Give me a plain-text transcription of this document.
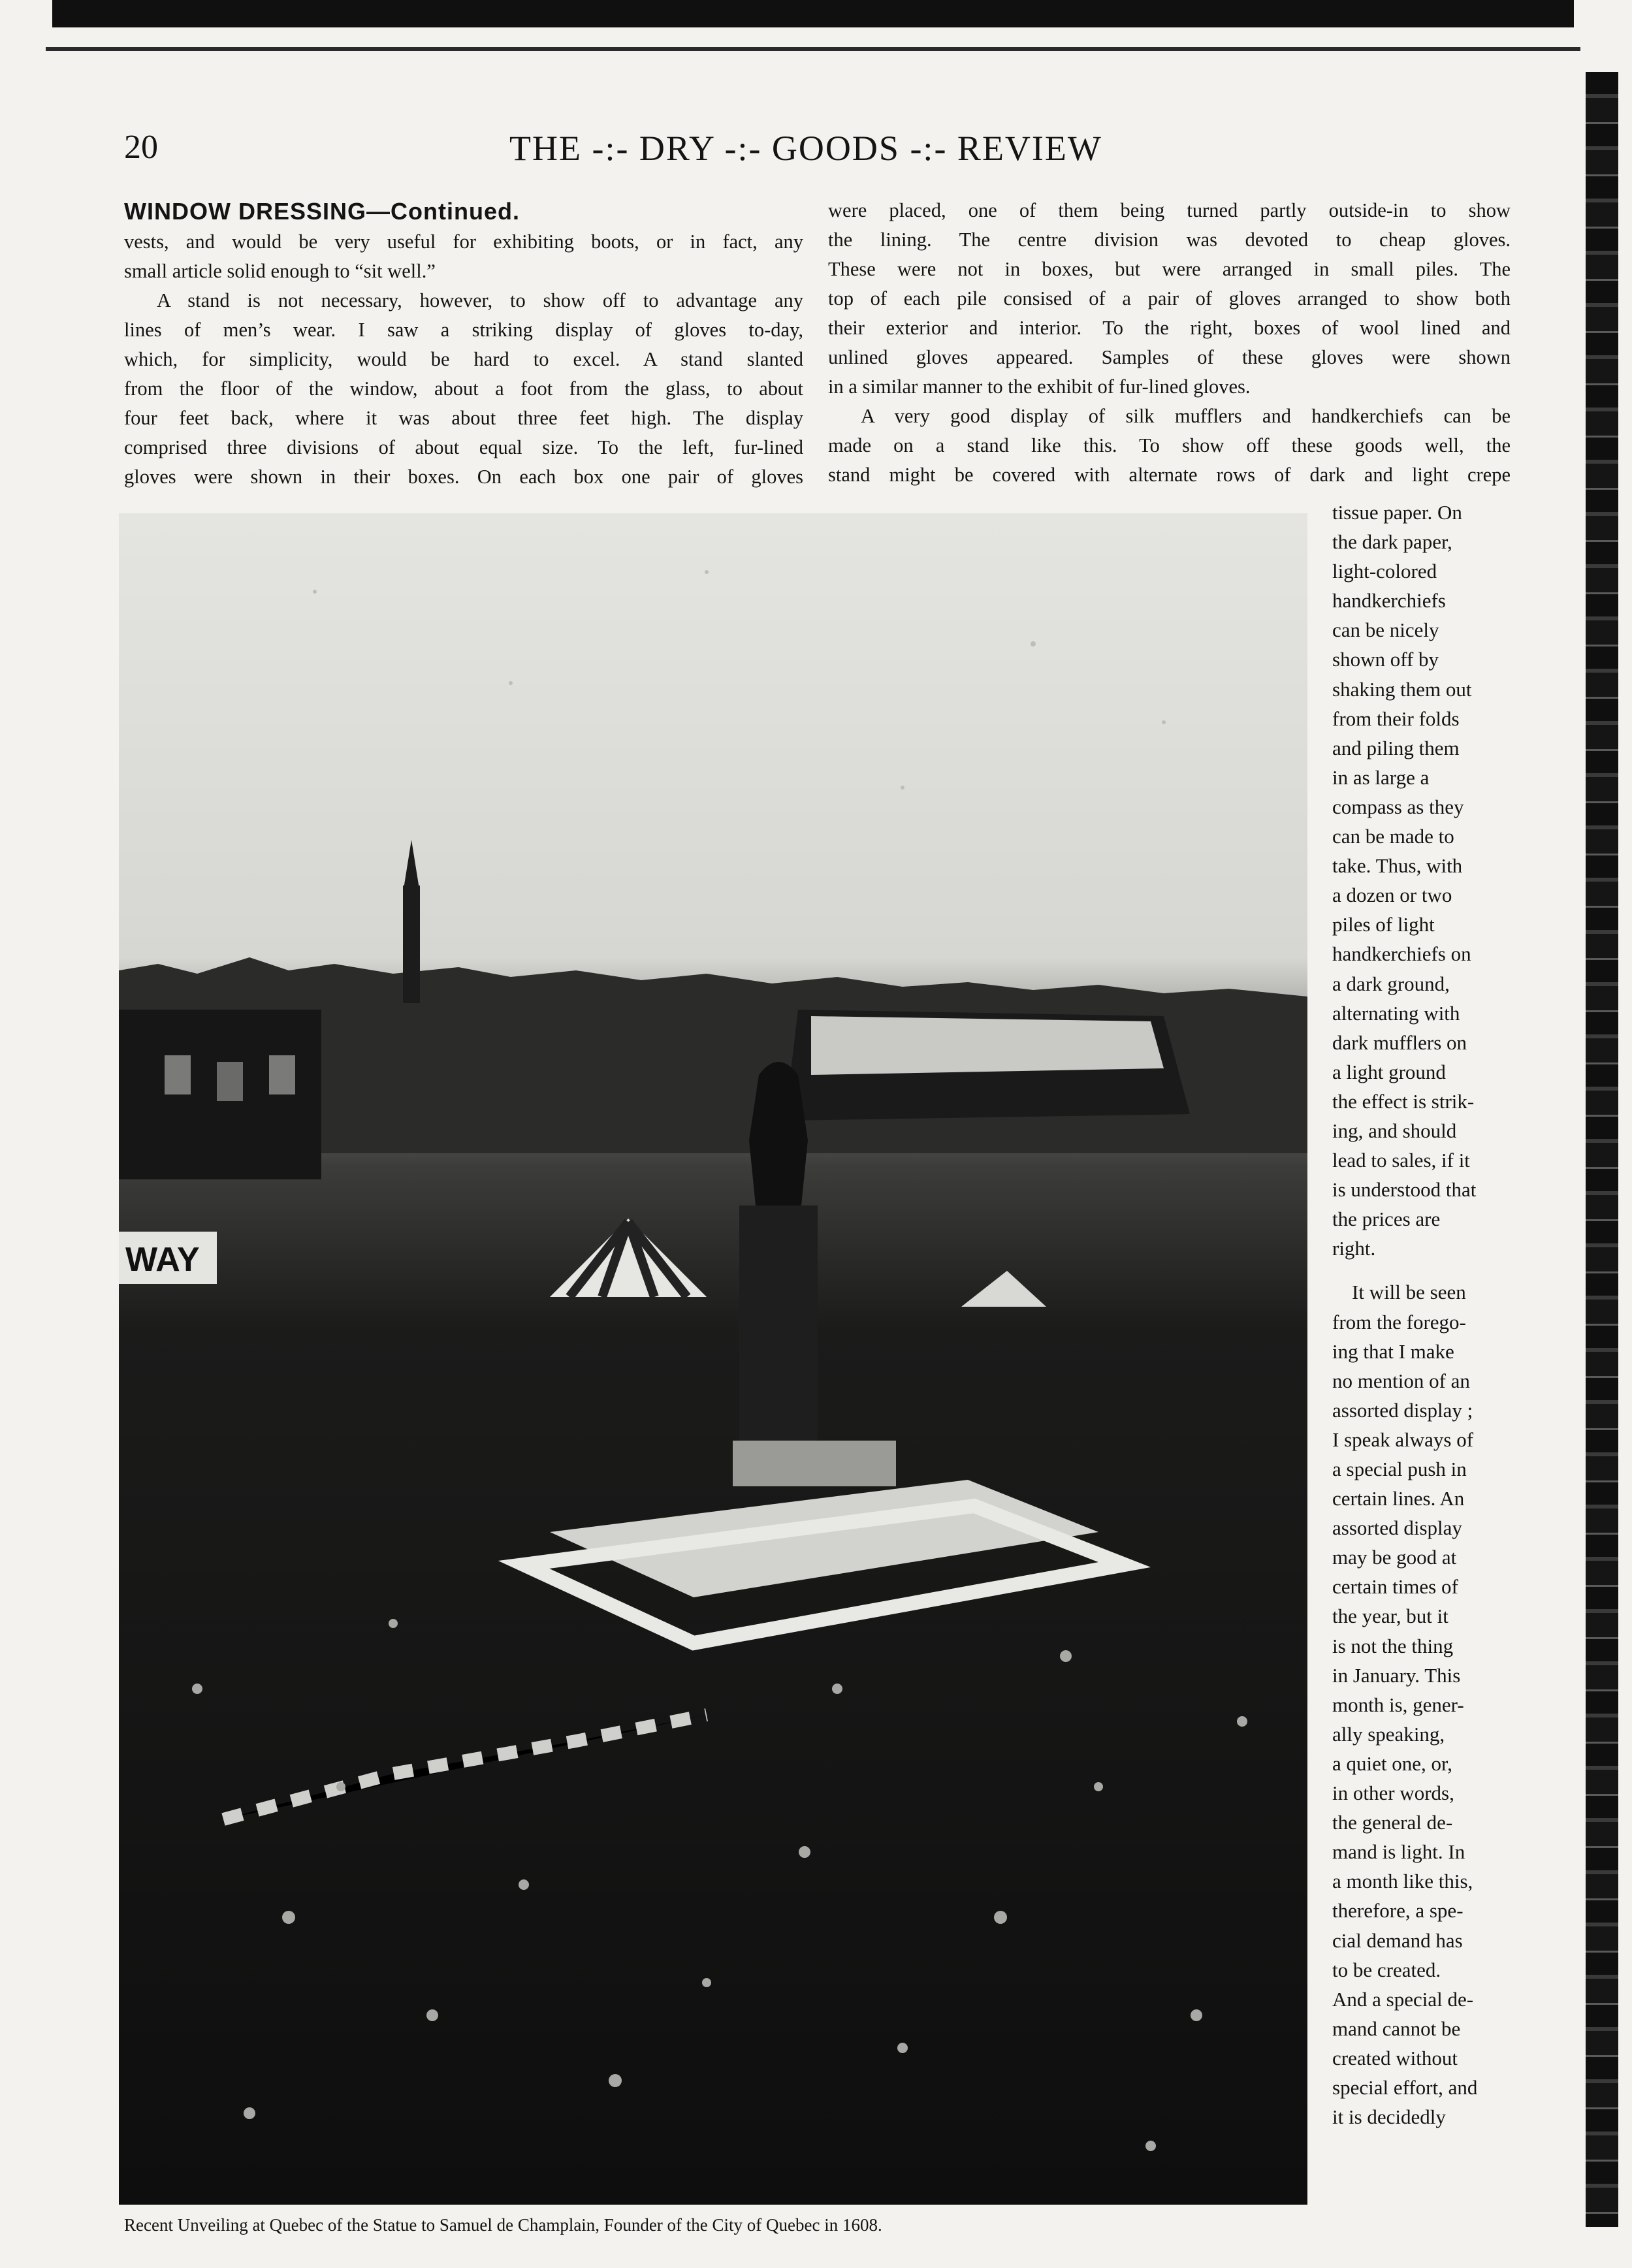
20	THE -:- DRY -:- GOODS -:- REVIEW
WINDOW DRESSING—Continued.

vests, and would be very useful for exhibiting boots, or in fact, any

small article solid enough to “sit well.”

A stand is not necessary, however, to show off to advantage any

lines of men’s wear. I saw a striking display of gloves to-day,

which, for simplicity, would be hard to excel. A stand slanted

from the floor of the window, about a foot from the glass, to about

four feet back, where it was about three feet high. The display

comprised three divisions of about equal size. To the left, fur-lined

gloves were shown in their boxes. On each box one pair of gloves

were placed, one of them being turned partly outside-in to show

the lining. The centre division was devoted to cheap gloves.

These were not in boxes, but were arranged in small piles. The

top of each pile consised of a pair of gloves arranged to show both

their exterior and interior. To the right, boxes of wool lined and

unlined gloves appeared. Samples of these gloves were shown

in a similar manner to the exhibit of fur-lined gloves.

A very good display of silk mufflers and handkerchiefs can be

made on a stand like this. To show off these goods well, the

stand might be covered with alternate rows of dark and light crepe

tissue paper. On

the dark paper,

light-colored

handkerchiefs

can be nicely

shown off by

shaking them out

from their folds

and piling them

in as large a

compass as they

can be made to

take. Thus, with

a dozen or two

piles of light

handkerchiefs on

a dark ground,

alternating with

dark mufflers on

a light ground

the effect is strik-

ing, and should

lead to sales, if it

is understood that

the prices are

right.

It will be seen

from the forego-

ing that I make

no mention of an

assorted display ;

I speak always of

a special push in

certain lines. An

assorted display

may be good at

certain times of

the year, but it

is not the thing

in January. This

month is, gener-

ally speaking,

a quiet one, or,

in other words,

the general de-

mand is light. In

a month like this,

therefore, a spe-

cial demand has

to be created.

And a special de-

mand cannot be

created without

special effort, and

it is decidedly

WAY
Recent Unveiling at Quebec of the Statue to Samuel de Champlain, Founder of the City of Quebec in 1608.
